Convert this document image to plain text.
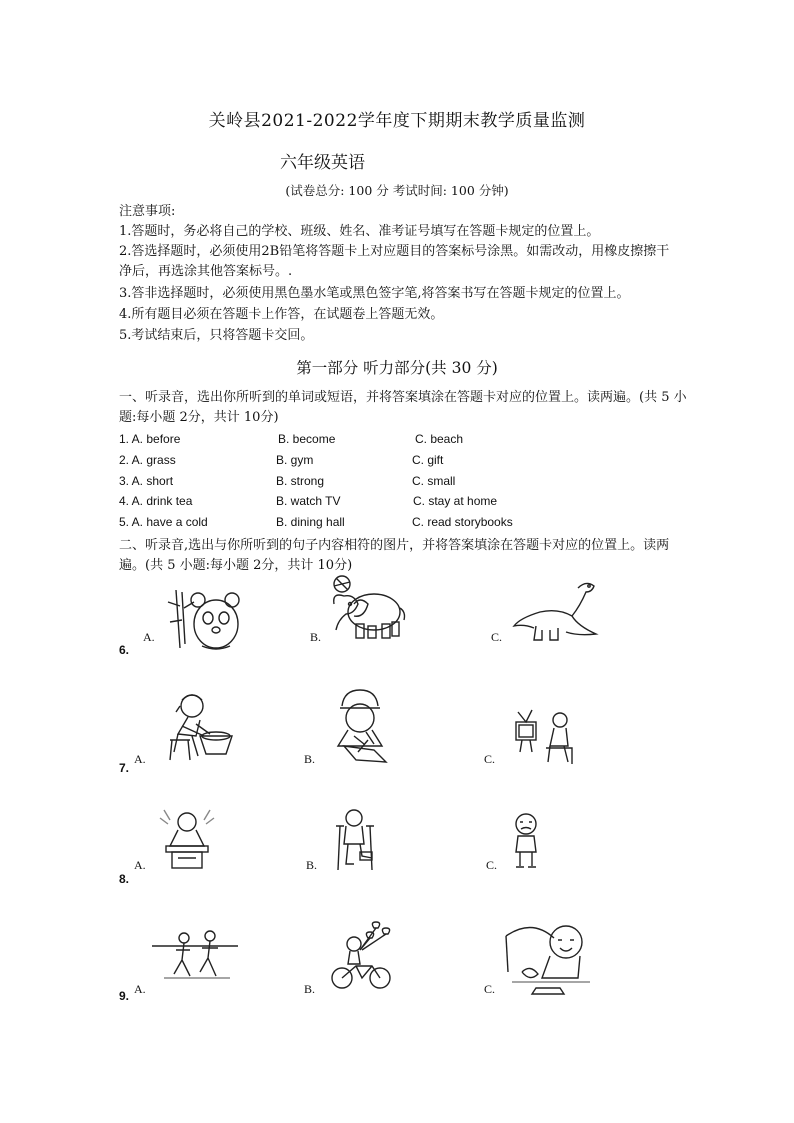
关岭县2021-2022学年度下期期末教学质量监测
六年级英语
(试卷总分: 100 分 考试时间: 100 分钟)
注意事项:
1.答题时，务必将自己的学校、班级、姓名、准考证号填写在答题卡规定的位置上。
2.答选择题时，必须使用2B铅笔将答题卡上对应题目的答案标号涂黑。如需改动，用橡皮擦擦干净后，再选涂其他答案标号。.
3.答非选择题时，必须使用黑色墨水笔或黑色签字笔,将答案书写在答题卡规定的位置上。
4.所有题目必须在答题卡上作答，在试题卷上答题无效。
5.考试结束后，只将答题卡交回。
第一部分 听力部分(共 30 分)
一、听录音，选出你所听到的单词或短语，并将答案填涂在答题卡对应的位置上。读两遍。(共 5 小题:每小题 2分，共计 10分)
1. A. before	B. become	C. beach
2. A. grass	B. gym	C. gift
3. A. short	B. strong	C. small
4. A. drink tea	B. watch TV	C. stay at home
5. A. have a cold	B. dining hall	C. read storybooks
二、听录音,选出与你所听到的句子内容相符的图片，并将答案填涂在答题卡对应的位置上。读两遍。(共 5 小题:每小题 2分，共计 10分)
6.
A.	B.	C.
7.
A.	B.	C.
8.
A.	B.	C.
9. A.	B.	C.
